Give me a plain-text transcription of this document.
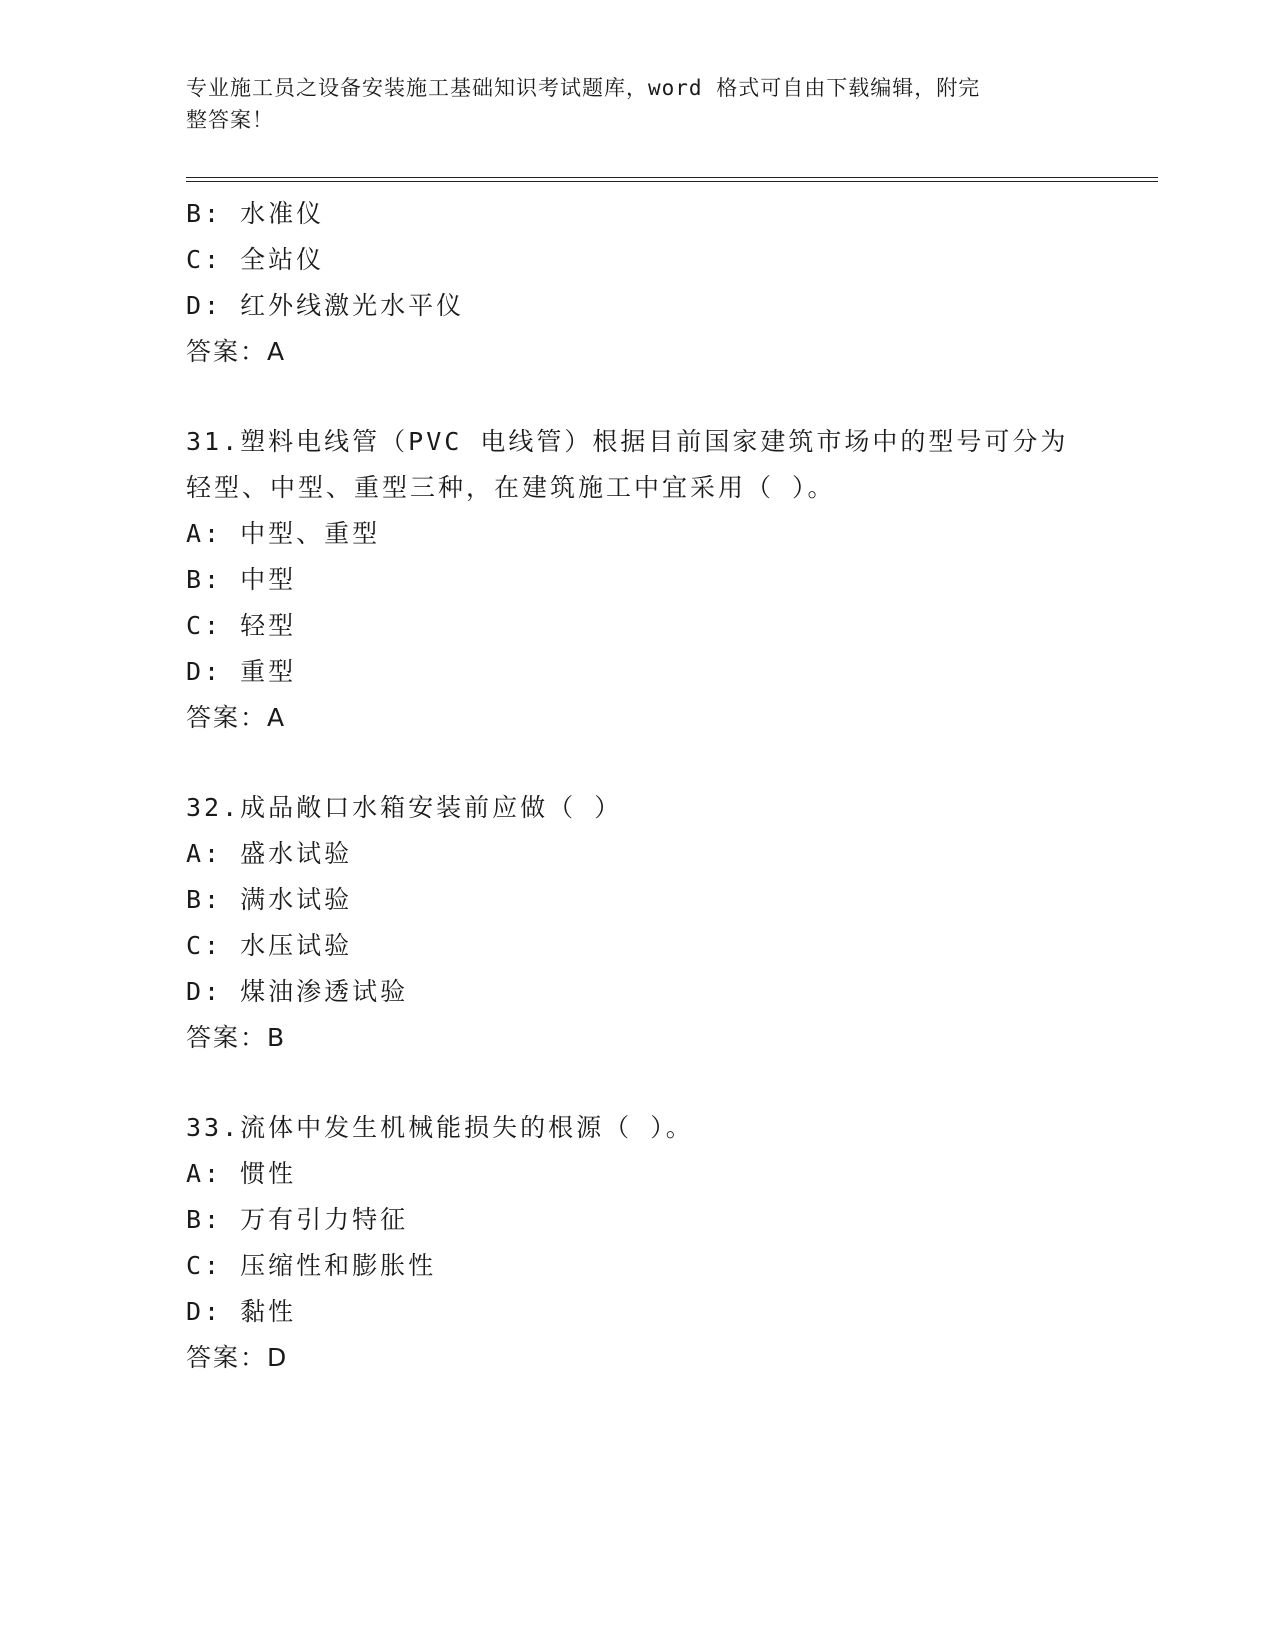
专业施工员之设备安装施工基础知识考试题库，word 格式可自由下载编辑，附完
整答案！
B: 水准仪
C: 全站仪
D: 红外线激光水平仪
答案：A
31.塑料电线管（PVC 电线管）根据目前国家建筑市场中的型号可分为
轻型、中型、重型三种，在建筑施工中宜采用（ ）。
A: 中型、重型
B: 中型
C: 轻型
D: 重型
答案：A
32.成品敞口水箱安装前应做（ ）
A: 盛水试验
B: 满水试验
C: 水压试验
D: 煤油渗透试验
答案：B
33.流体中发生机械能损失的根源（ ）。
A: 惯性
B: 万有引力特征
C: 压缩性和膨胀性
D: 黏性
答案：D
